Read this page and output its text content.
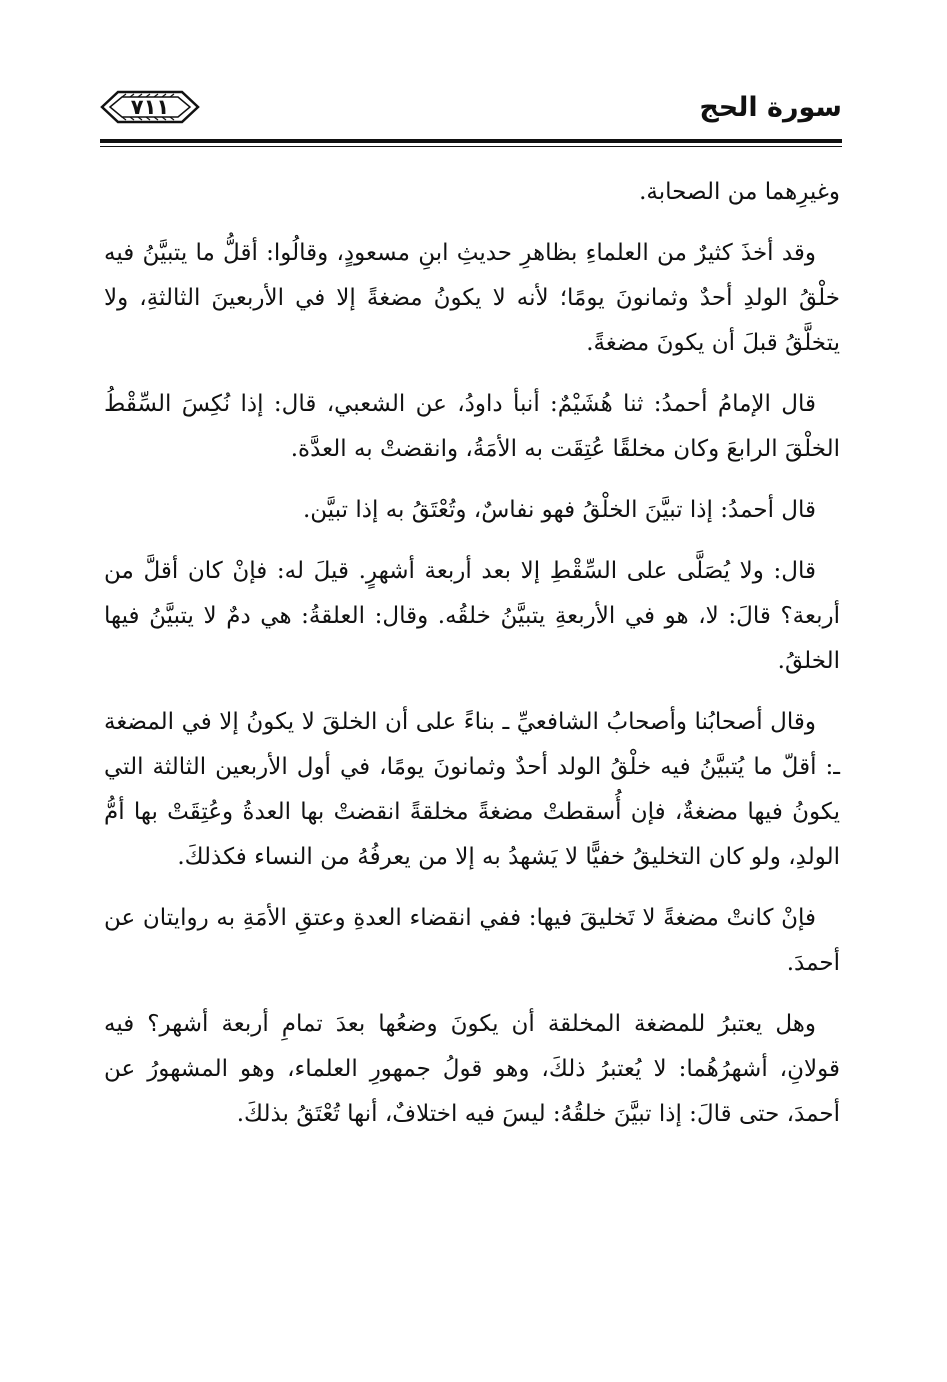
سورة الحج
٧١١

وغيرِهما من الصحابة.

وقد أخذَ كثيرٌ من العلماءِ بظاهرِ حديثِ ابنِ مسعودٍ، وقالُوا: أقلُّ ما يتبيَّنُ فيه خلْقُ الولدِ أحدٌ وثمانونَ يومًا؛ لأنه لا يكونُ مضغةً إلا في الأربعينَ الثالثةِ، ولا يتخلَّقُ قبلَ أن يكونَ مضغةً.

قال الإمامُ أحمدُ: ثنا هُشَيْمٌ: أنبأ داودُ، عن الشعبي، قال: إذا نُكِسَ السِّقْطُ الخلْقَ الرابعَ وكان مخلقًا عُتِقَت به الأمَةُ، وانقضتْ به العدَّة.

قال أحمدُ: إذا تبيَّنَ الخلْقُ فهو نفاسٌ، وتُعْتَقُ به إذا تبيَّن.

قال: ولا يُصَلَّى على السِّقْطِ إلا بعد أربعة أشهرٍ. قيلَ له: فإنْ كان أقلَّ من أربعة؟ قالَ: لا، هو في الأربعةِ يتبيَّنُ خلقُه. وقال: العلقةُ: هي دمٌ لا يتبيَّنُ فيها الخلقُ.

وقال أصحابُنا وأصحابُ الشافعيِّ ـ بناءً على أن الخلقَ لا يكونُ إلا في المضغة ـ: أقلّ ما يُتبيَّنُ فيه خلْقُ الولد أحدٌ وثمانونَ يومًا، في أول الأربعين الثالثة التي يكونُ فيها مضغةٌ، فإن أُسقطتْ مضغةً مخلقةً انقضتْ بها العدةُ وعُتِقَتْ بها أمُّ الولدِ، ولو كان التخليقُ خفيًّا لا يَشهدُ به إلا من يعرفُهُ من النساء فكذلكَ.

فإنْ كانتْ مضغةً لا تَخليقَ فيها: ففي انقضاء العدةِ وعتقِ الأمَةِ به روايتان عن أحمدَ.

وهل يعتبرُ للمضغة المخلقة أن يكونَ وضعُها بعدَ تمامِ أربعة أشهر؟ فيه قولانِ، أشهرُهُما: لا يُعتبرُ ذلكَ، وهو قولُ جمهورِ العلماء، وهو المشهورُ عن أحمدَ، حتى قالَ: إذا تبيَّنَ خلقُهُ: ليسَ فيه اختلافٌ، أنها تُعْتَقُ بذلكَ.
